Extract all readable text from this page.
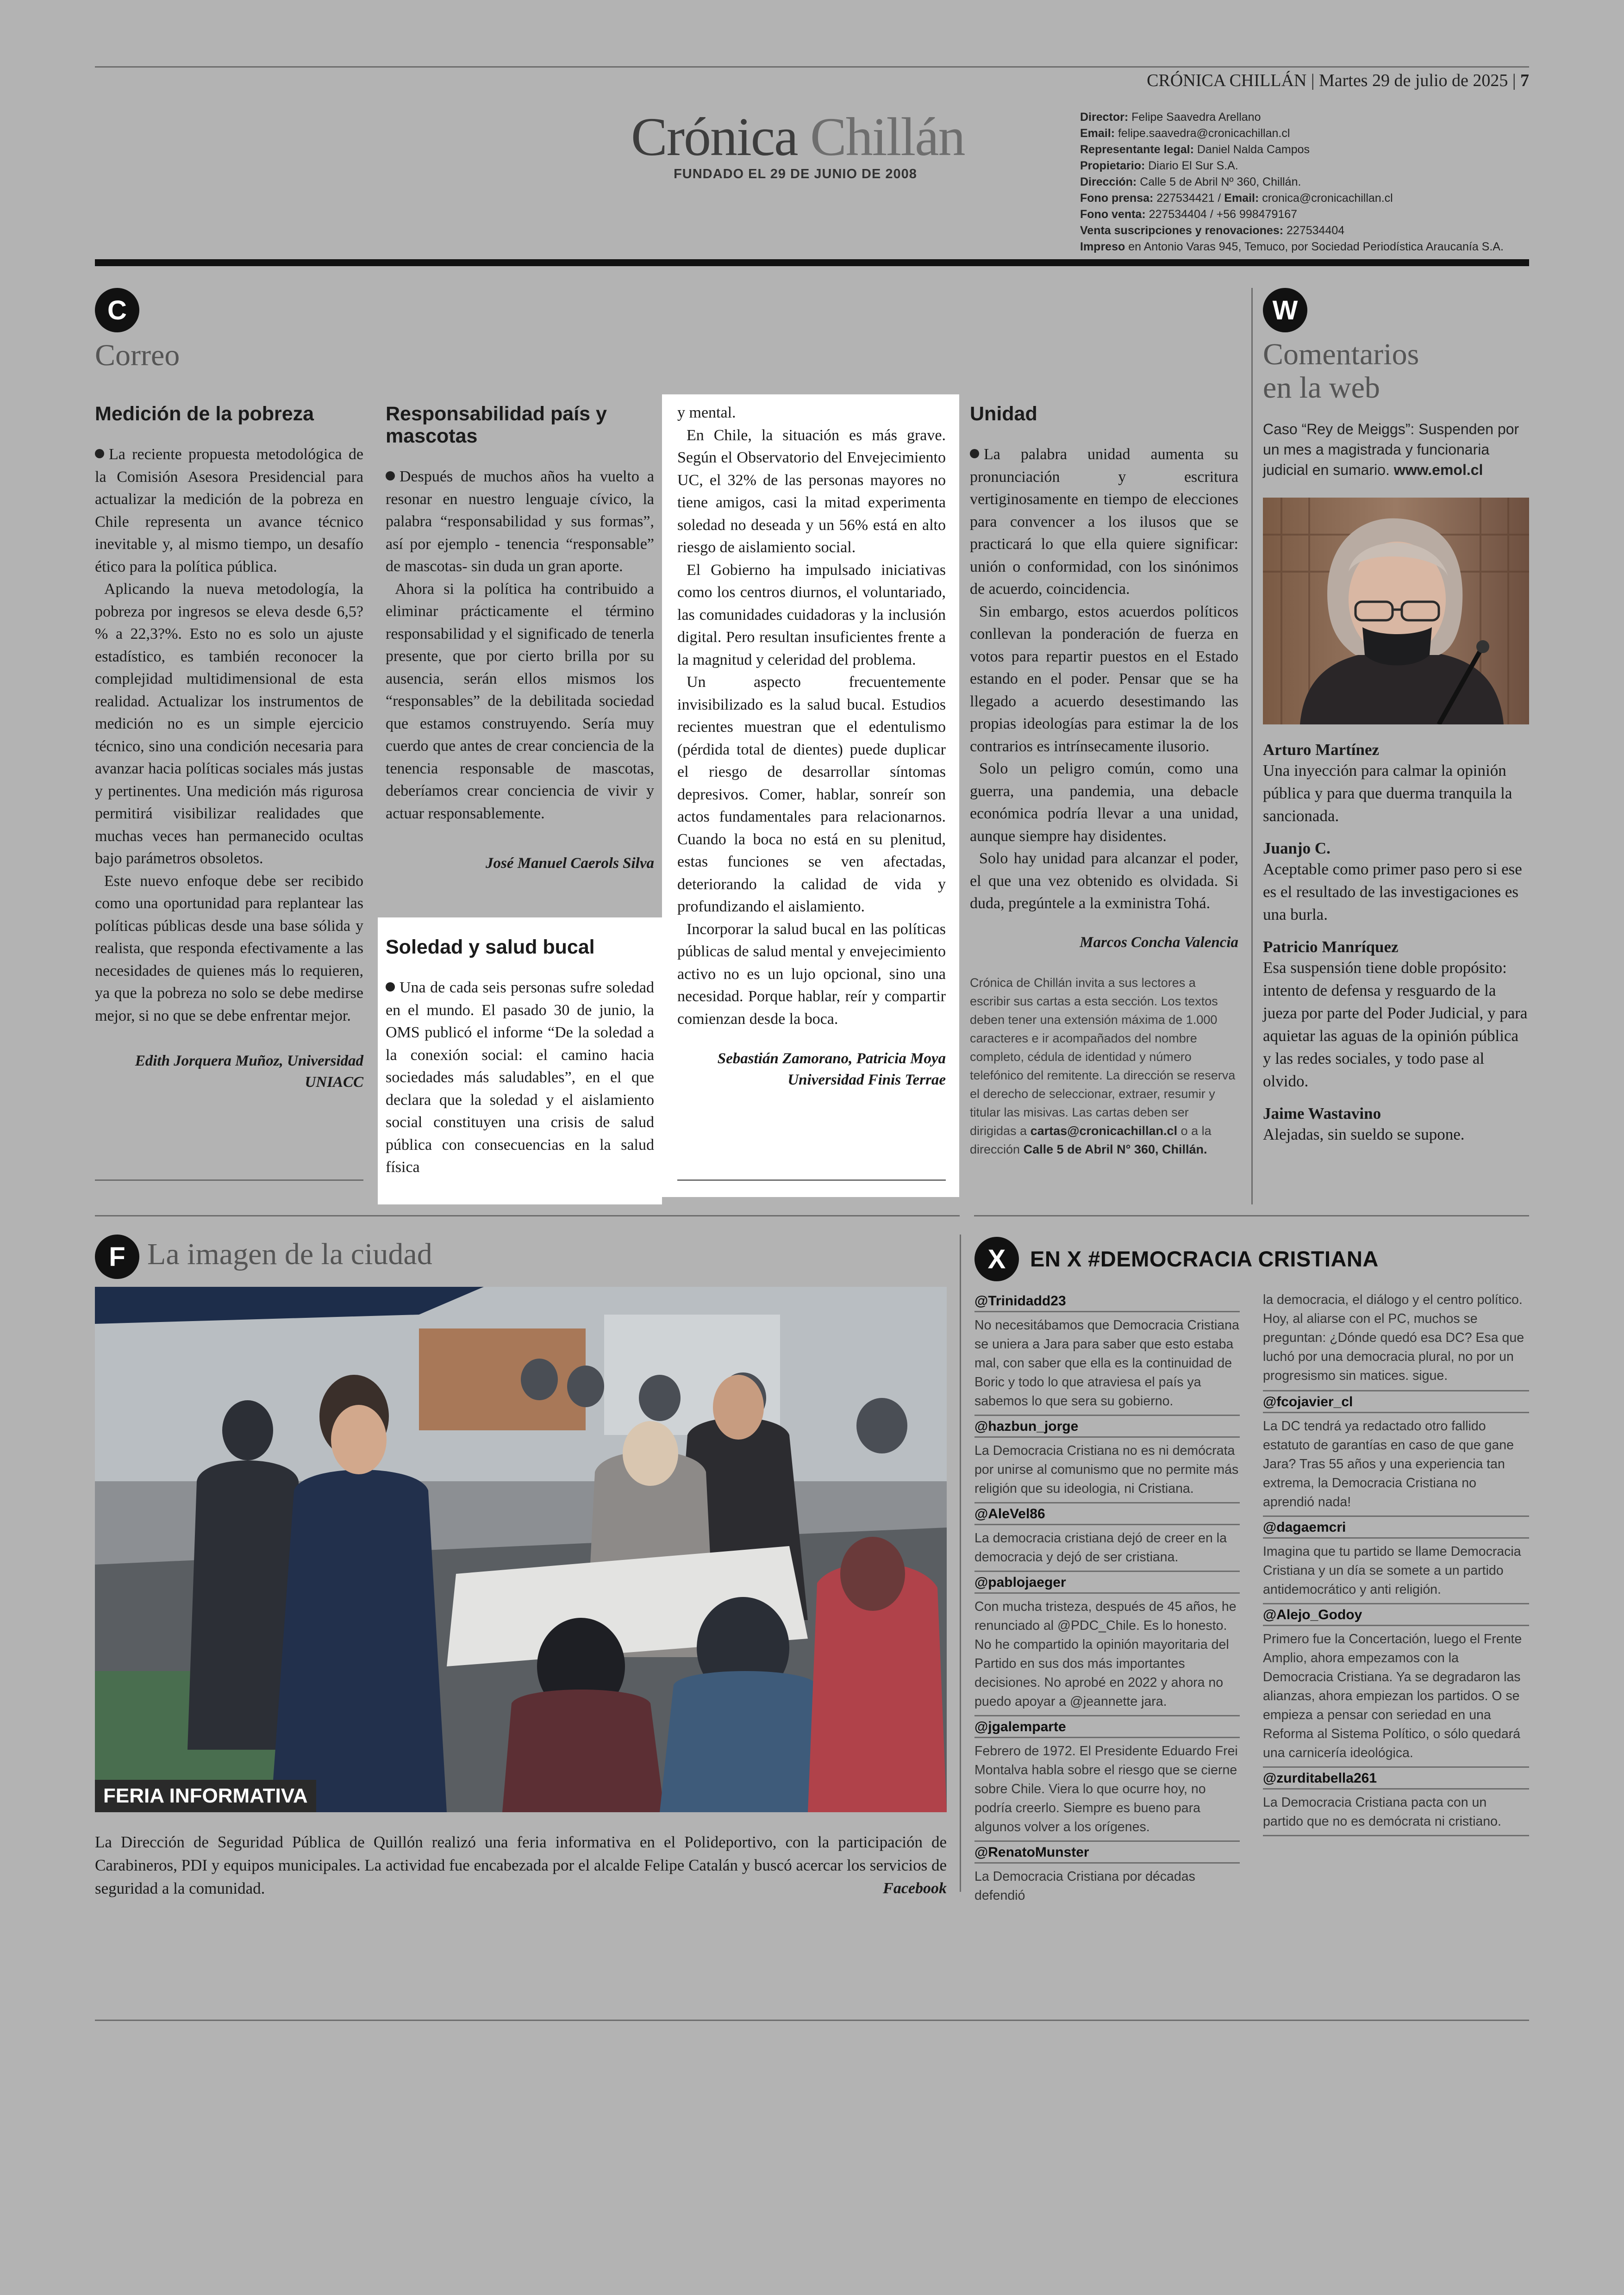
CRÓNICA CHILLÁN | Martes 29 de julio de 2025 | 7
Crónica Chillán
FUNDADO EL 29 DE JUNIO DE 2008
Director: Felipe Saavedra Arellano
Email: felipe.saavedra@cronicachillan.cl
Representante legal: Daniel Nalda Campos
Propietario: Diario El Sur S.A.
Dirección: Calle 5 de Abril Nº 360, Chillán.
Fono prensa: 227534421 / Email: cronica@cronicachillan.cl
Fono venta: 227534404 / +56 998479167
Venta suscripciones y renovaciones: 227534404
Impreso en Antonio Varas 945, Temuco, por Sociedad Periodística Araucanía S.A.
C
Correo
Medición de la pobreza

La reciente propuesta metodológica de la Comisión Asesora Presidencial para actualizar la medición de la pobreza en Chile representa un avance técnico inevitable y, al mismo tiempo, un desafío ético para la política pública.

Aplicando la nueva metodología, la pobreza por ingresos se eleva desde 6,5?% a 22,3?%. Esto no es solo un ajuste estadístico, es también reconocer la complejidad multidimensional de esta realidad. Actualizar los instrumentos de medición no es un simple ejercicio técnico, sino una condición necesaria para avanzar hacia políticas sociales más justas y pertinentes. Una medición más rigurosa permitirá visibilizar realidades que muchas veces han permanecido ocultas bajo parámetros obsoletos.

Este nuevo enfoque debe ser recibido como una oportunidad para replantear las políticas públicas desde una base sólida y realista, que responda efectivamente a las necesidades de quienes más lo requieren, ya que la pobreza no solo se debe medirse mejor, si no que se debe enfrentar mejor.

Edith Jorquera Muñoz, Universidad
UNIACC
Responsabilidad país y mascotas

Después de muchos años ha vuelto a resonar en nuestro lenguaje cívico, la palabra “responsabilidad y sus formas”, así por ejemplo - tenencia “responsable” de mascotas- sin duda un gran aporte.

Ahora si la política ha contribuido a eliminar prácticamente el término responsabilidad y el significado de tenerla presente, que por cierto brilla por su ausencia, serán ellos mismos los “responsables” de la debilitada sociedad que estamos construyendo. Sería muy cuerdo que antes de crear conciencia de la tenencia responsable de mascotas, deberíamos crear conciencia de vivir y actuar responsablemente.

José Manuel Caerols Silva
Soledad y salud bucal

Una de cada seis personas sufre soledad en el mundo. El pasado 30 de junio, la OMS publicó el informe “De la soledad a la conexión social: el camino hacia sociedades más saludables”, en el que declara que la soledad y el aislamiento social constituyen una crisis de salud pública con consecuencias en la salud física

y mental.

En Chile, la situación es más grave. Según el Observatorio del Envejecimiento UC, el 32% de las personas mayores no tiene amigos, casi la mitad experimenta soledad no deseada y un 56% está en alto riesgo de aislamiento social.

El Gobierno ha impulsado iniciativas como los centros diurnos, el voluntariado, las comunidades cuidadoras y la inclusión digital. Pero resultan insuficientes frente a la magnitud y celeridad del problema.

Un aspecto frecuentemente invisibilizado es la salud bucal. Estudios recientes muestran que el edentulismo (pérdida total de dientes) puede duplicar el riesgo de desarrollar síntomas depresivos. Comer, hablar, sonreír son actos fundamentales para relacionarnos. Cuando la boca no está en su plenitud, estas funciones se ven afectadas, deteriorando la calidad de vida y profundizando el aislamiento.

Incorporar la salud bucal en las políticas públicas de salud mental y envejecimiento activo no es un lujo opcional, sino una necesidad. Porque hablar, reír y compartir comienzan desde la boca.

Sebastián Zamorano, Patricia Moya
Universidad Finis Terrae
Unidad

La palabra unidad aumenta su pronunciación y escritura vertiginosamente en tiempo de elecciones para convencer a los ilusos que se practicará lo que ella quiere significar: unión o conformidad, con los sinónimos de acuerdo, coincidencia.

Sin embargo, estos acuerdos políticos conllevan la ponderación de fuerza en votos para repartir puestos en el Estado estando en el poder. Pensar que se ha llegado a acuerdo desestimando las propias ideologías para estimar la de los contrarios es intrínsecamente ilusorio.

Solo un peligro común, como una guerra, una pandemia, una debacle económica podría llevar a una unidad, aunque siempre hay disidentes.

Solo hay unidad para alcanzar el poder, el que una vez obtenido es olvidada. Si duda, pregúntele a la exministra Tohá.

Marcos Concha Valencia
Crónica de Chillán invita a sus lectores a escribir sus cartas a esta sección. Los textos deben tener una extensión máxima de 1.000 caracteres e ir acompañados del nombre completo, cédula de identidad y número telefónico del remitente. La dirección se reserva el derecho de seleccionar, extraer, resumir y titular las misivas. Las cartas deben ser dirigidas a cartas@cronicachillan.cl o a la dirección Calle 5 de Abril N° 360, Chillán.
W
Comentarios
en la web
Caso “Rey de Meiggs”: Suspenden por un mes a magistrada y funcionaria judicial en sumario. www.emol.cl
Arturo Martínez
Una inyección para calmar la opinión pública y para que duerma tranquila la sancionada.
Juanjo C.
Aceptable como primer paso pero si ese es el resultado de las investigaciones es una burla.
Patricio Manríquez
Esa suspensión tiene doble propósito: intento de defensa y resguardo de la jueza por parte del Poder Judicial, y para aquietar las aguas de la opinión pública y las redes sociales, y todo pase al olvido.
Jaime Wastavino
Alejadas, sin sueldo se supone.
F La imagen de la ciudad
FERIA INFORMATIVA
La Dirección de Seguridad Pública de Quillón realizó una feria informativa en el Polideportivo, con la participación de Carabineros, PDI y equipos municipales. La actividad fue encabezada por el alcalde Felipe Catalán y buscó acercar los servicios de seguridad a la comunidad.	Facebook
X	EN X #DEMOCRACIA CRISTIANA
@Trinidadd23
No necesitábamos que Democracia Cristiana se uniera a Jara para saber que esto estaba mal, con saber que ella es la continuidad de Boric y todo lo que atraviesa el país ya sabemos lo que sera su gobierno.
@hazbun_jorge
La Democracia Cristiana no es ni demócrata por unirse al comunismo que no permite más religión que su ideologia, ni Cristiana.
@AleVel86
La democracia cristiana dejó de creer en la democracia y dejó de ser cristiana.
@pablojaeger
Con mucha tristeza, después de 45 años, he renunciado al @PDC_Chile. Es lo honesto. No he compartido la opinión mayoritaria del Partido en sus dos más importantes decisiones. No aprobé en 2022 y ahora no puedo apoyar a @jeannette jara.
@jgalemparte
Febrero de 1972. El Presidente Eduardo Frei Montalva habla sobre el riesgo que se cierne sobre Chile. Viera lo que ocurre hoy, no podría creerlo. Siempre es bueno para algunos volver a los orígenes.
@RenatoMunster
La Democracia Cristiana por décadas defendió
la democracia, el diálogo y el centro político. Hoy, al aliarse con el PC, muchos se preguntan: ¿Dónde quedó esa DC? Esa que luchó por una democracia plural, no por un progresismo sin matices. sigue.
@fcojavier_cl
La DC tendrá ya redactado otro fallido estatuto de garantías en caso de que gane Jara? Tras 55 años y una experiencia tan extrema, la Democracia Cristiana no aprendió nada!
@dagaemcri
Imagina que tu partido se llame Democracia Cristiana y un día se somete a un partido antidemocrático y anti religión.
@Alejo_Godoy
Primero fue la Concertación, luego el Frente Amplio, ahora empezamos con la Democracia Cristiana. Ya se degradaron las alianzas, ahora empiezan los partidos. O se empieza a pensar con seriedad en una Reforma al Sistema Político, o sólo quedará una carnicería ideológica.
@zurditabella261
La Democracia Cristiana pacta con un partido que no es demócrata ni cristiano.
